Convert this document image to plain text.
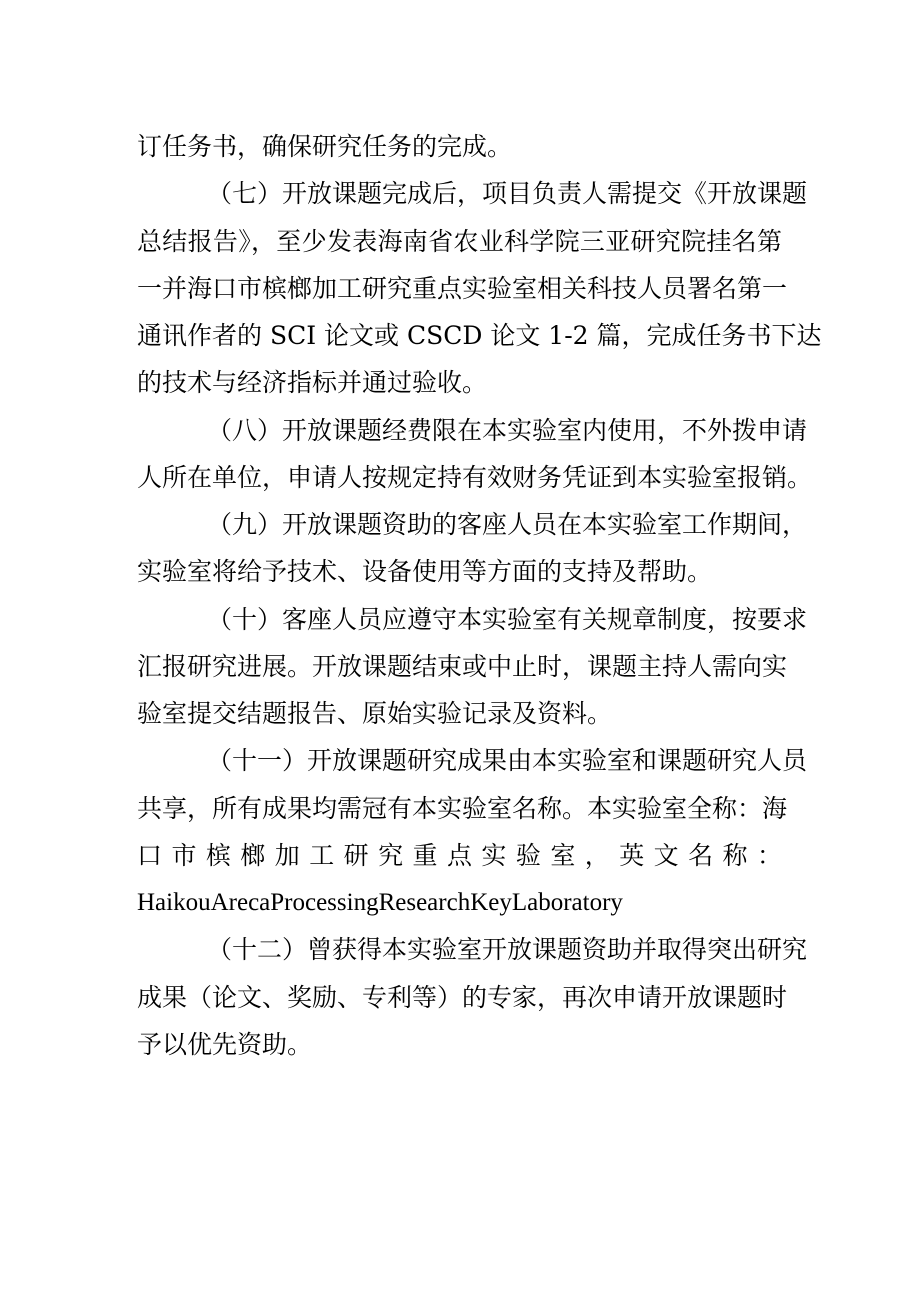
订任务书，确保研究任务的完成。
（七）开放课题完成后，项目负责人需提交《开放课题
总结报告》，至少发表海南省农业科学院三亚研究院挂名第
一并海口市槟榔加工研究重点实验室相关科技人员署名第一
通讯作者的 SCI 论文或 CSCD 论文 1-2 篇，完成任务书下达
的技术与经济指标并通过验收。
（八）开放课题经费限在本实验室内使用，不外拨申请
人所在单位，申请人按规定持有效财务凭证到本实验室报销。
（九）开放课题资助的客座人员在本实验室工作期间，
实验室将给予技术、设备使用等方面的支持及帮助。
（十）客座人员应遵守本实验室有关规章制度，按要求
汇报研究进展。开放课题结束或中止时，课题主持人需向实
验室提交结题报告、原始实验记录及资料。
（十一）开放课题研究成果由本实验室和课题研究人员
共享，所有成果均需冠有本实验室名称。本实验室全称：海
口市槟榔加工研究重点实验室，英文名称：
HaikouArecaProcessingResearchKeyLaboratory
（十二）曾获得本实验室开放课题资助并取得突出研究
成果（论文、奖励、专利等）的专家，再次申请开放课题时
予以优先资助。
